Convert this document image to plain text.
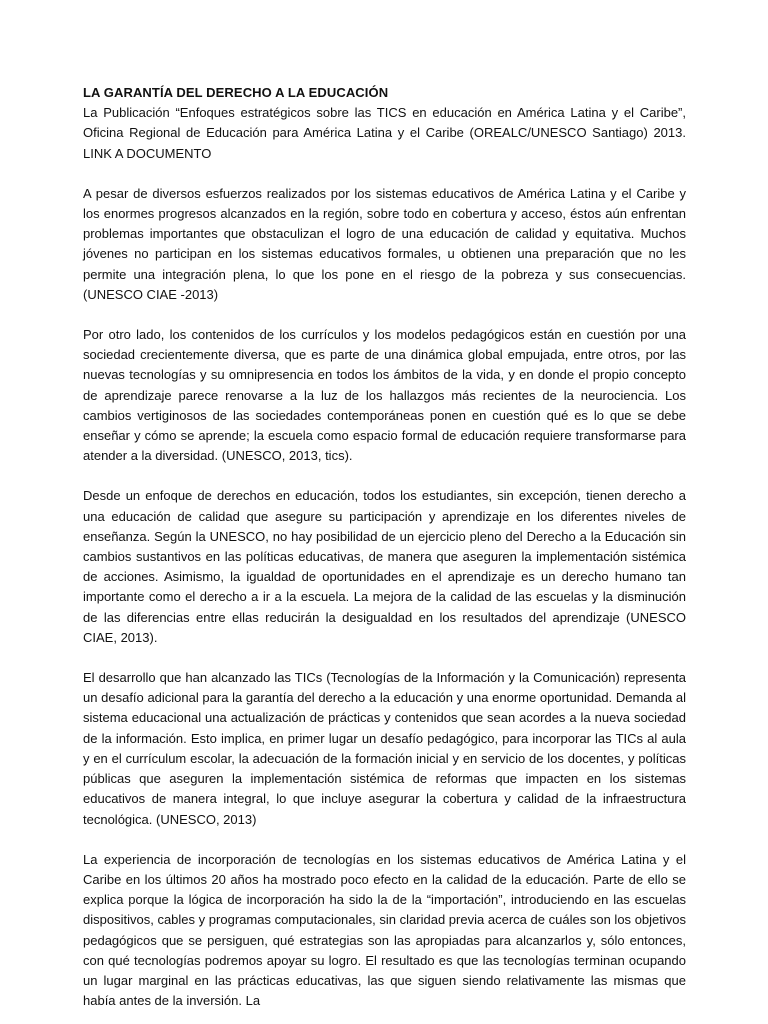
LA GARANTÍA DEL DERECHO A LA EDUCACIÓN

La Publicación “Enfoques estratégicos sobre las TICS en educación en América Latina y el Caribe”, Oficina Regional de Educación para América Latina y el Caribe (OREALC/UNESCO Santiago) 2013. LINK A DOCUMENTO

A pesar de diversos esfuerzos realizados por los sistemas educativos de América Latina y el Caribe y los enormes progresos alcanzados en la región, sobre todo en cobertura y acceso, éstos aún enfrentan problemas importantes que obstaculizan el logro de una educación de calidad y equitativa. Muchos jóvenes no participan en los sistemas educativos formales, u obtienen una preparación que no les permite una integración plena, lo que los pone en el riesgo de la pobreza y sus consecuencias. (UNESCO CIAE -2013)

Por otro lado, los contenidos de los currículos y los modelos pedagógicos están en cuestión por una sociedad crecientemente diversa, que es parte de una dinámica global empujada, entre otros, por las nuevas tecnologías y su omnipresencia en todos los ámbitos de la vida, y en donde el propio concepto de aprendizaje parece renovarse a la luz de los hallazgos más recientes de la neurociencia. Los cambios vertiginosos de las sociedades contemporáneas ponen en cuestión qué es lo que se debe enseñar y cómo se aprende; la escuela como espacio formal de educación requiere transformarse para atender a la diversidad. (UNESCO, 2013, tics).

Desde un enfoque de derechos en educación, todos los estudiantes, sin excepción, tienen derecho a una educación de calidad que asegure su participación y aprendizaje en los diferentes niveles de enseñanza. Según la UNESCO, no hay posibilidad de un ejercicio pleno del Derecho a la Educación sin cambios sustantivos en las políticas educativas, de manera que aseguren la implementación sistémica de acciones. Asimismo, la igualdad de oportunidades en el aprendizaje es un derecho humano tan importante como el derecho a ir a la escuela. La mejora de la calidad de las escuelas y la disminución de las diferencias entre ellas reducirán la desigualdad en los resultados del aprendizaje (UNESCO CIAE, 2013).

El desarrollo que han alcanzado las TICs (Tecnologías de la Información y la Comunicación) representa un desafío adicional para la garantía del derecho a la educación y una enorme oportunidad. Demanda al sistema educacional una actualización de prácticas y contenidos que sean acordes a la nueva sociedad de la información. Esto implica, en primer lugar un desafío pedagógico, para incorporar las TICs al aula y en el currículum escolar, la adecuación de la formación inicial y en servicio de los docentes, y políticas públicas que aseguren la implementación sistémica de reformas que impacten en los sistemas educativos de manera integral, lo que incluye asegurar la cobertura y calidad de la infraestructura tecnológica. (UNESCO, 2013)

La experiencia de incorporación de tecnologías en los sistemas educativos de América Latina y el Caribe en los últimos 20 años ha mostrado poco efecto en la calidad de la educación. Parte de ello se explica porque la lógica de incorporación ha sido la de la “importación”, introduciendo en las escuelas dispositivos, cables y programas computacionales, sin claridad previa acerca de cuáles son los objetivos pedagógicos que se persiguen, qué estrategias son las apropiadas para alcanzarlos y, sólo entonces, con qué tecnologías podremos apoyar su logro. El resultado es que las tecnologías terminan ocupando un lugar marginal en las prácticas educativas, las que siguen siendo relativamente las mismas que había antes de la inversión. La
